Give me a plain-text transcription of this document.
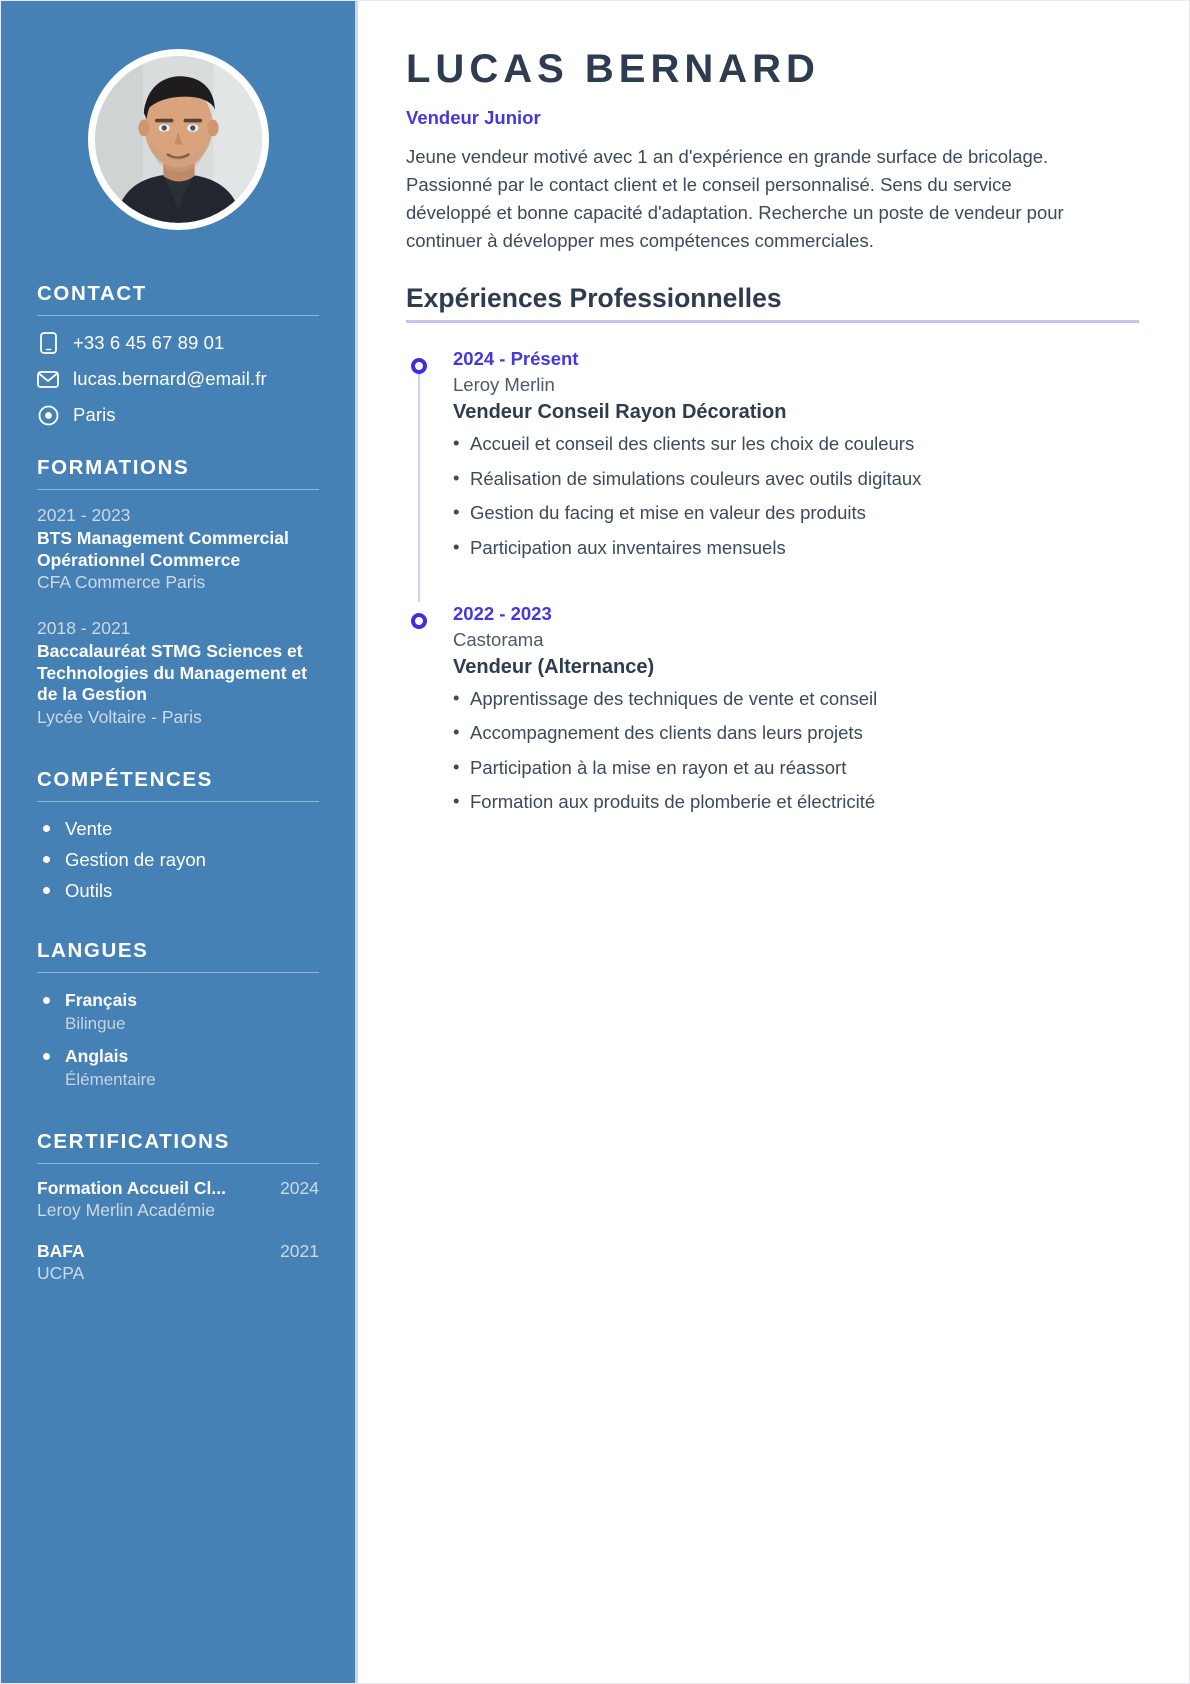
CONTACT
+33 6 45 67 89 01
lucas.bernard@email.fr
Paris
FORMATIONS
2021 - 2023
BTS Management Commercial Opérationnel Commerce
CFA Commerce Paris
2018 - 2021
Baccalauréat STMG Sciences et Technologies du Management et de la Gestion
Lycée Voltaire - Paris
COMPÉTENCES
Vente
Gestion de rayon
Outils
LANGUES
Français
Bilingue
Anglais
Élémentaire
CERTIFICATIONS
Formation Accueil Cl...	2024
Leroy Merlin Académie
BAFA	2021
UCPA
LUCAS BERNARD
Vendeur Junior

Jeune vendeur motivé avec 1 an d'expérience en grande surface de bricolage. Passionné par le contact client et le conseil personnalisé. Sens du service développé et bonne capacité d'adaptation. Recherche un poste de vendeur pour continuer à développer mes compétences commerciales.

Expériences Professionnelles
2024 - Présent
Leroy Merlin
Vendeur Conseil Rayon Décoration
• Accueil et conseil des clients sur les choix de couleurs
• Réalisation de simulations couleurs avec outils digitaux
• Gestion du facing et mise en valeur des produits
• Participation aux inventaires mensuels
2022 - 2023
Castorama
Vendeur (Alternance)
• Apprentissage des techniques de vente et conseil
• Accompagnement des clients dans leurs projets
• Participation à la mise en rayon et au réassort
• Formation aux produits de plomberie et électricité
